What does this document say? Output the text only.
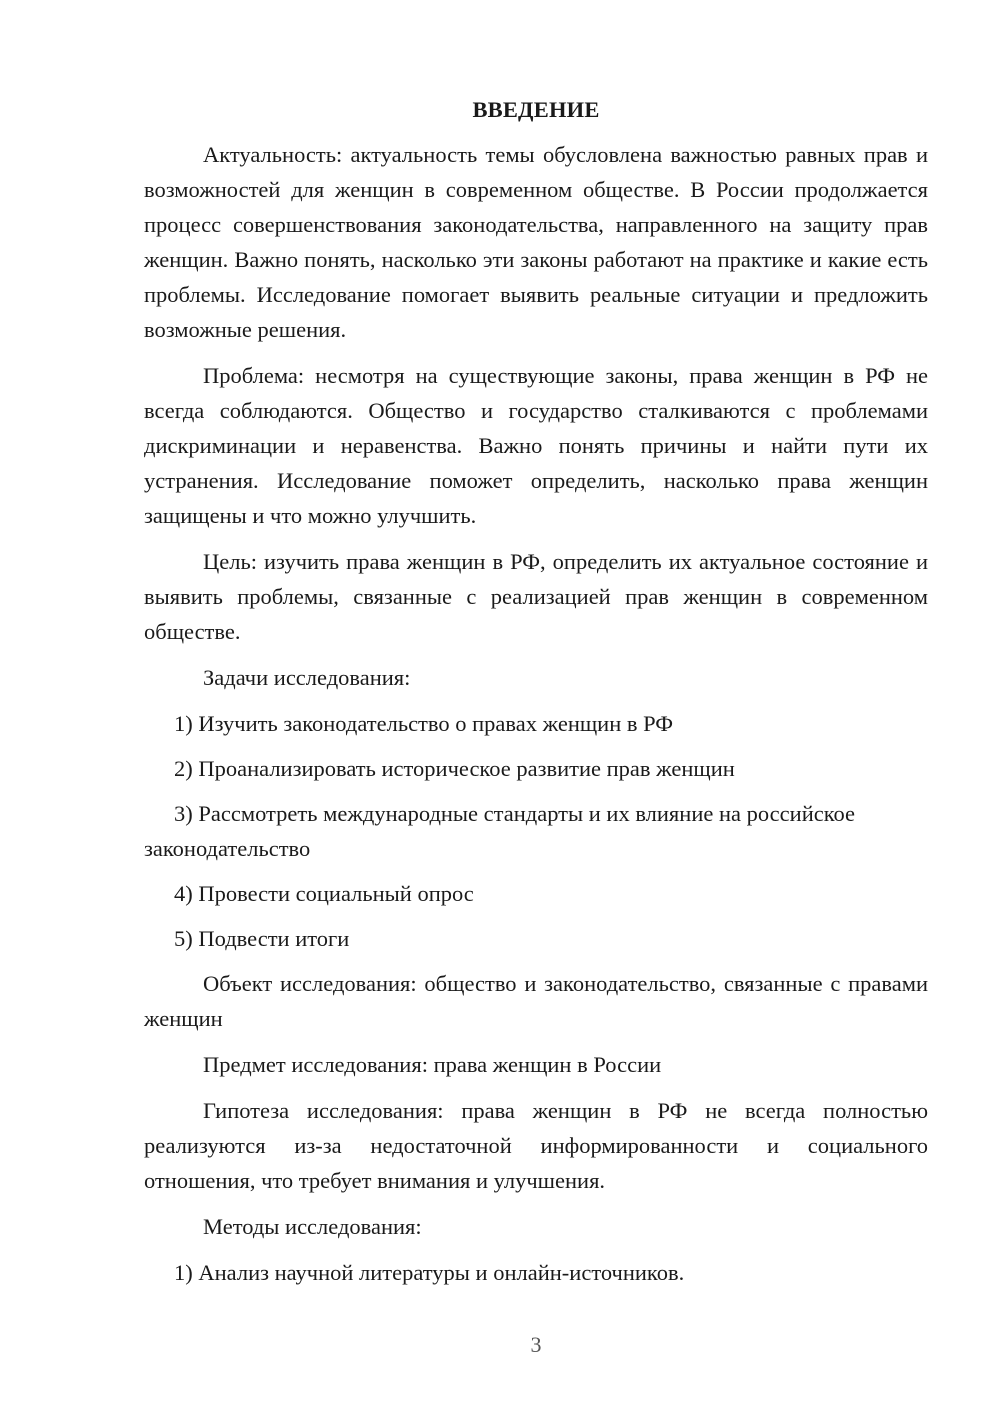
ВВЕДЕНИЕ

Актуальность: актуальность темы обусловлена важностью равных прав и возможностей для женщин в современном обществе. В России продолжается процесс совершенствования законодательства, направленного на защиту прав женщин. Важно понять, насколько эти законы работают на практике и какие есть проблемы. Исследование помогает выявить реальные ситуации и предложить возможные решения.

Проблема: несмотря на существующие законы, права женщин в РФ не всегда соблюдаются. Общество и государство сталкиваются с проблемами дискриминации и неравенства. Важно понять причины и найти пути их устранения. Исследование поможет определить, насколько права женщин защищены и что можно улучшить.

Цель: изучить права женщин в РФ, определить их актуальное состояние и выявить проблемы, связанные с реализацией прав женщин в современном обществе.

Задачи исследования:

1) Изучить законодательство о правах женщин в РФ

2) Проанализировать историческое развитие прав женщин

3) Рассмотреть международные стандарты и их влияние на российское законодательство

4) Провести социальный опрос

5) Подвести итоги

Объект исследования: общество и законодательство, связанные с правами женщин

Предмет исследования: права женщин в России

Гипотеза исследования: права женщин в РФ не всегда полностью реализуются из-за недостаточной информированности и социального отношения, что требует внимания и улучшения.

Методы исследования:

1) Анализ научной литературы и онлайн-источников.

3
